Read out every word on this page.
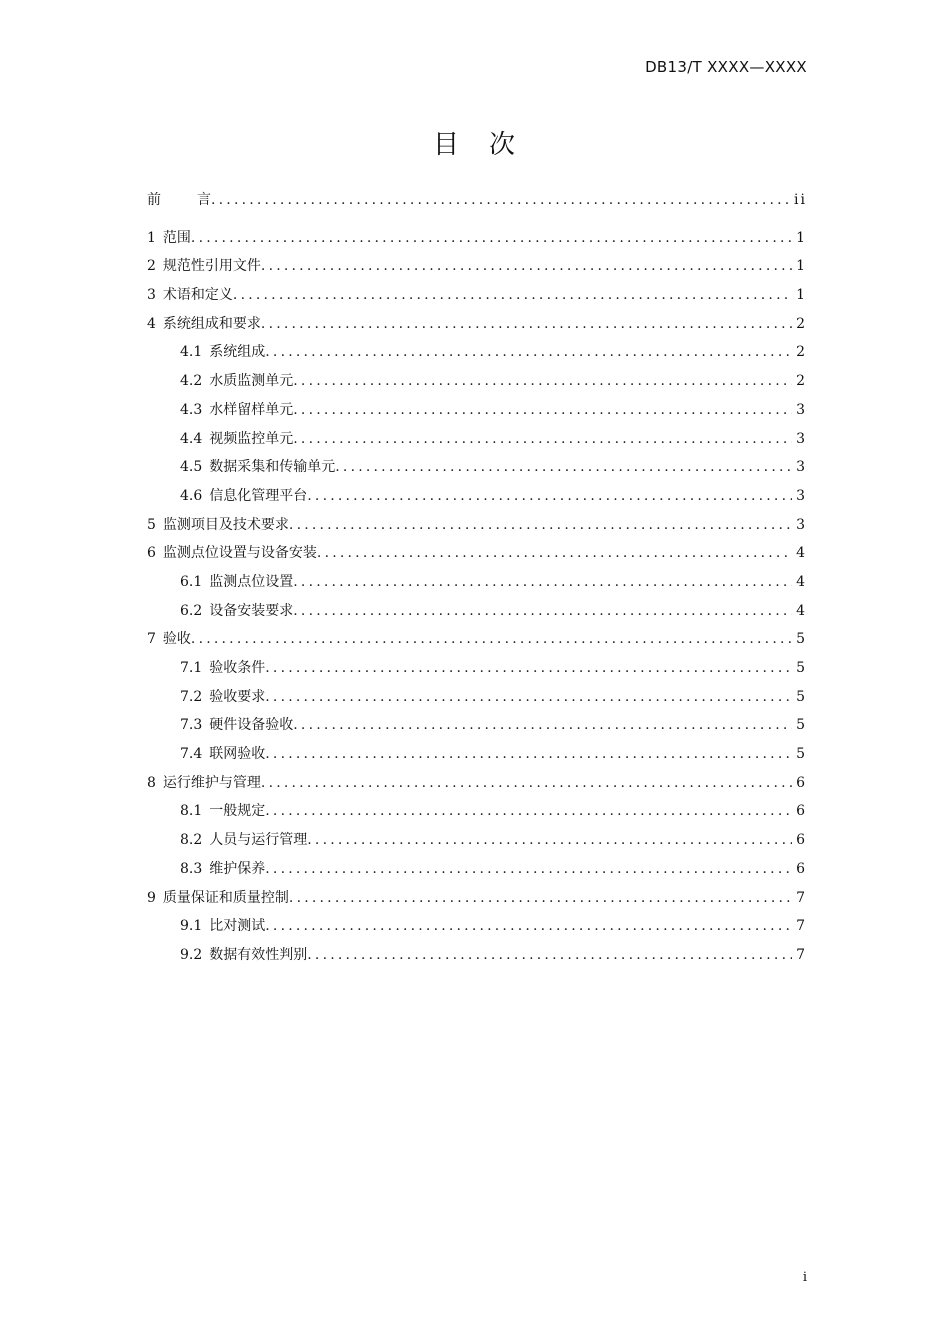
DB13/T XXXX—XXXX
目 次
前	言 .....	ii
1 范围 .....	1
2 规范性引用文件 .....	1
3 术语和定义 .....	1
4 系统组成和要求 .....	2
4.1 系统组成 .....	2
4.2 水质监测单元 .....	2
4.3 水样留样单元 .....	3
4.4 视频监控单元 .....	3
4.5 数据采集和传输单元 .....	3
4.6 信息化管理平台 .....	3
5 监测项目及技术要求 .....	3
6 监测点位设置与设备安装 .....	4
6.1 监测点位设置 .....	4
6.2 设备安装要求 .....	4
7 验收 .....	5
7.1 验收条件 .....	5
7.2 验收要求 .....	5
7.3 硬件设备验收 .....	5
7.4 联网验收 .....	5
8 运行维护与管理 .....	6
8.1 一般规定 .....	6
8.2 人员与运行管理 .....	6
8.3 维护保养 .....	6
9 质量保证和质量控制 .....	7
9.1 比对测试 .....	7
9.2 数据有效性判别 .....	7
i
